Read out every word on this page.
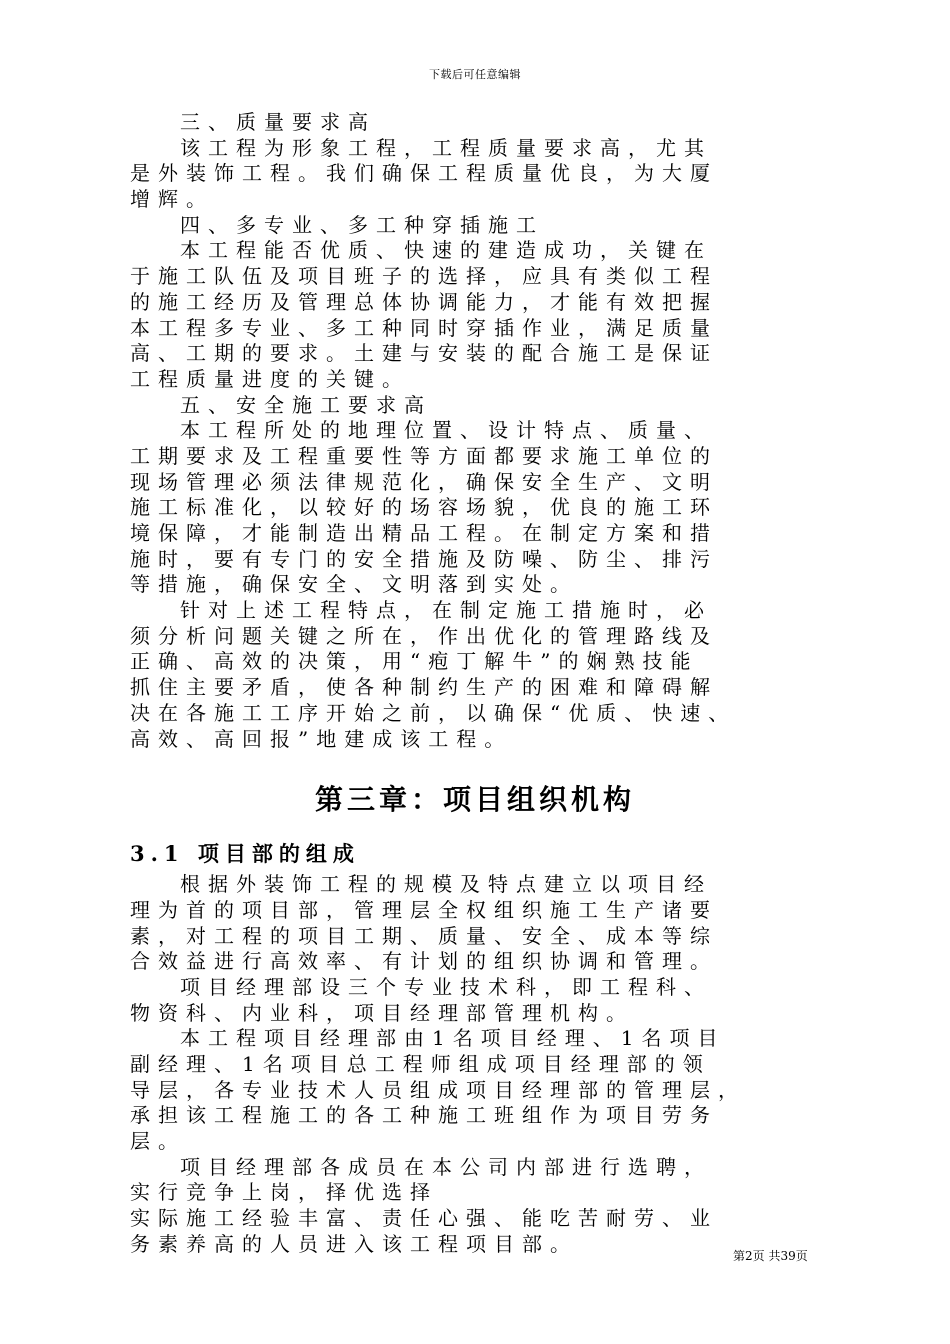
下载后可任意编辑
三、质量要求高
该工程为形象工程，工程质量要求高，尤其
是外装饰工程。我们确保工程质量优良，为大厦
增辉。
四、多专业、多工种穿插施工
本工程能否优质、快速的建造成功，关键在
于施工队伍及项目班子的选择，应具有类似工程
的施工经历及管理总体协调能力，才能有效把握
本工程多专业、多工种同时穿插作业，满足质量
高、工期的要求。土建与安装的配合施工是保证
工程质量进度的关键。
五、安全施工要求高
本工程所处的地理位置、设计特点、质量、
工期要求及工程重要性等方面都要求施工单位的
现场管理必须法律规范化，确保安全生产、文明
施工标准化，以较好的场容场貌，优良的施工环
境保障，才能制造出精品工程。在制定方案和措
施时，要有专门的安全措施及防噪、防尘、排污
等措施，确保安全、文明落到实处。
针对上述工程特点，在制定施工措施时，必
须分析问题关键之所在，作出优化的管理路线及
正确、高效的决策，用“疱丁解牛”的娴熟技能
抓住主要矛盾，使各种制约生产的困难和障碍解
决在各施工工序开始之前，以确保“优质、快速、
高效、高回报”地建成该工程。
第三章：项目组织机构
3.1 项目部的组成
根据外装饰工程的规模及特点建立以项目经
理为首的项目部，管理层全权组织施工生产诸要
素，对工程的项目工期、质量、安全、成本等综
合效益进行高效率、有计划的组织协调和管理。
项目经理部设三个专业技术科，即工程科、
物资科、内业科，项目经理部管理机构。
本工程项目经理部由1名项目经理、1名项目
副经理、1名项目总工程师组成项目经理部的领
导层，各专业技术人员组成项目经理部的管理层，
承担该工程施工的各工种施工班组作为项目劳务
层。
项目经理部各成员在本公司内部进行选聘，
实行竞争上岗，择优选择
实际施工经验丰富、责任心强、能吃苦耐劳、业
务素养高的人员进入该工程项目部。
第2页 共39页
